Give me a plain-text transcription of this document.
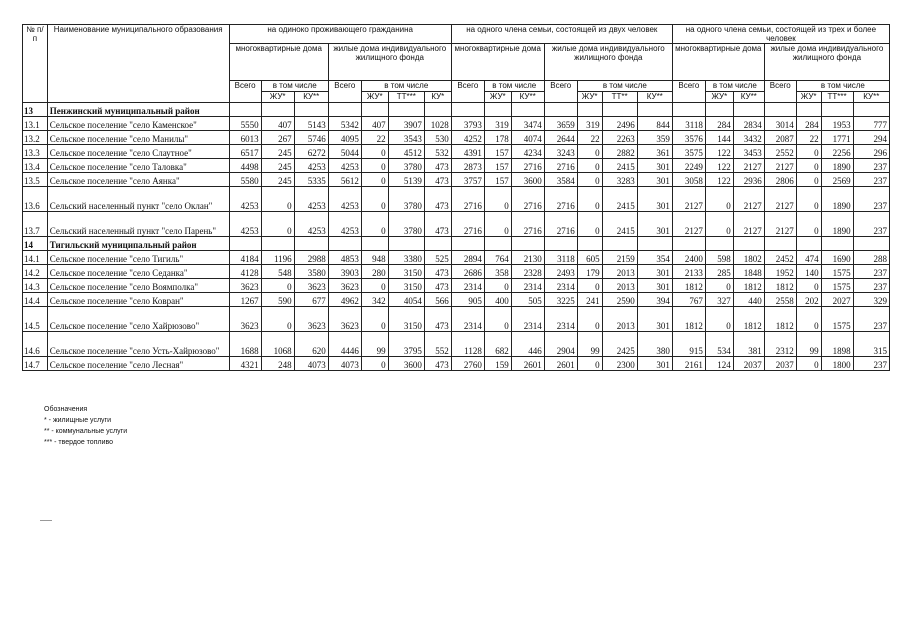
№ п/п	Наименование муниципального образования	на одиноко проживающего гражданина							на одного члена семьи, состоящей из двух человек							на одного члена семьи, состоящей из трех и более человек						
		многоквартирные дома			жилые дома индивидуального жилищного фонда				многоквартирные дома			жилые дома индивидуального жилищного фонда				многоквартирные дома			жилые дома индивидуального жилищного фонда			
		Всего	в том числе		Всего	в том числе			Всего	в том числе		Всего	в том числе			Всего	в том числе		Всего	в том числе		
			ЖУ*	КУ**		ЖУ*	ТТ***	КУ*		ЖУ*	КУ**		ЖУ*	ТТ**	КУ**		ЖУ*	КУ**		ЖУ*	ТТ***	КУ**
13	Пенжинский муниципальный район																					
13.1	Сельское поселение "село Каменское"	5550	407	5143	5342	407	3907	1028	3793	319	3474	3659	319	2496	844	3118	284	2834	3014	284	1953	777
13.2	Сельское поселение "село Манилы"	6013	267	5746	4095	22	3543	530	4252	178	4074	2644	22	2263	359	3576	144	3432	2087	22	1771	294
13.3	Сельское поселение "село Слаутное"	6517	245	6272	5044	0	4512	532	4391	157	4234	3243	0	2882	361	3575	122	3453	2552	0	2256	296
13.4	Сельское поселение "село Таловка"	4498	245	4253	4253	0	3780	473	2873	157	2716	2716	0	2415	301	2249	122	2127	2127	0	1890	237
13.5	Сельское поселение "село Аянка"	5580	245	5335	5612	0	5139	473	3757	157	3600	3584	0	3283	301	3058	122	2936	2806	0	2569	237
13.6	Сельский населенный пункт "село Оклан"	4253	0	4253	4253	0	3780	473	2716	0	2716	2716	0	2415	301	2127	0	2127	2127	0	1890	237
13.7	Сельский населенный пункт "село Парень"	4253	0	4253	4253	0	3780	473	2716	0	2716	2716	0	2415	301	2127	0	2127	2127	0	1890	237
14	Тигильский муниципальный район																					
14.1	Сельское поселение "село Тигиль"	4184	1196	2988	4853	948	3380	525	2894	764	2130	3118	605	2159	354	2400	598	1802	2452	474	1690	288
14.2	Сельское поселение "село Седанка"	4128	548	3580	3903	280	3150	473	2686	358	2328	2493	179	2013	301	2133	285	1848	1952	140	1575	237
14.3	Сельское поселение "село Воямполка"	3623	0	3623	3623	0	3150	473	2314	0	2314	2314	0	2013	301	1812	0	1812	1812	0	1575	237
14.4	Сельское поселение "село Ковран"	1267	590	677	4962	342	4054	566	905	400	505	3225	241	2590	394	767	327	440	2558	202	2027	329
14.5	Сельское поселение "село Хайрюзово"	3623	0	3623	3623	0	3150	473	2314	0	2314	2314	0	2013	301	1812	0	1812	1812	0	1575	237
14.6	Сельское поселение "село Усть-Хайрюзово"	1688	1068	620	4446	99	3795	552	1128	682	446	2904	99	2425	380	915	534	381	2312	99	1898	315
14.7	Сельское поселение "село Лесная"	4321	248	4073	4073	0	3600	473	2760	159	2601	2601	0	2300	301	2161	124	2037	2037	0	1800	237
Обозначения
* - жилищные услуги
** - коммунальные услуги
*** - твердое топливо
